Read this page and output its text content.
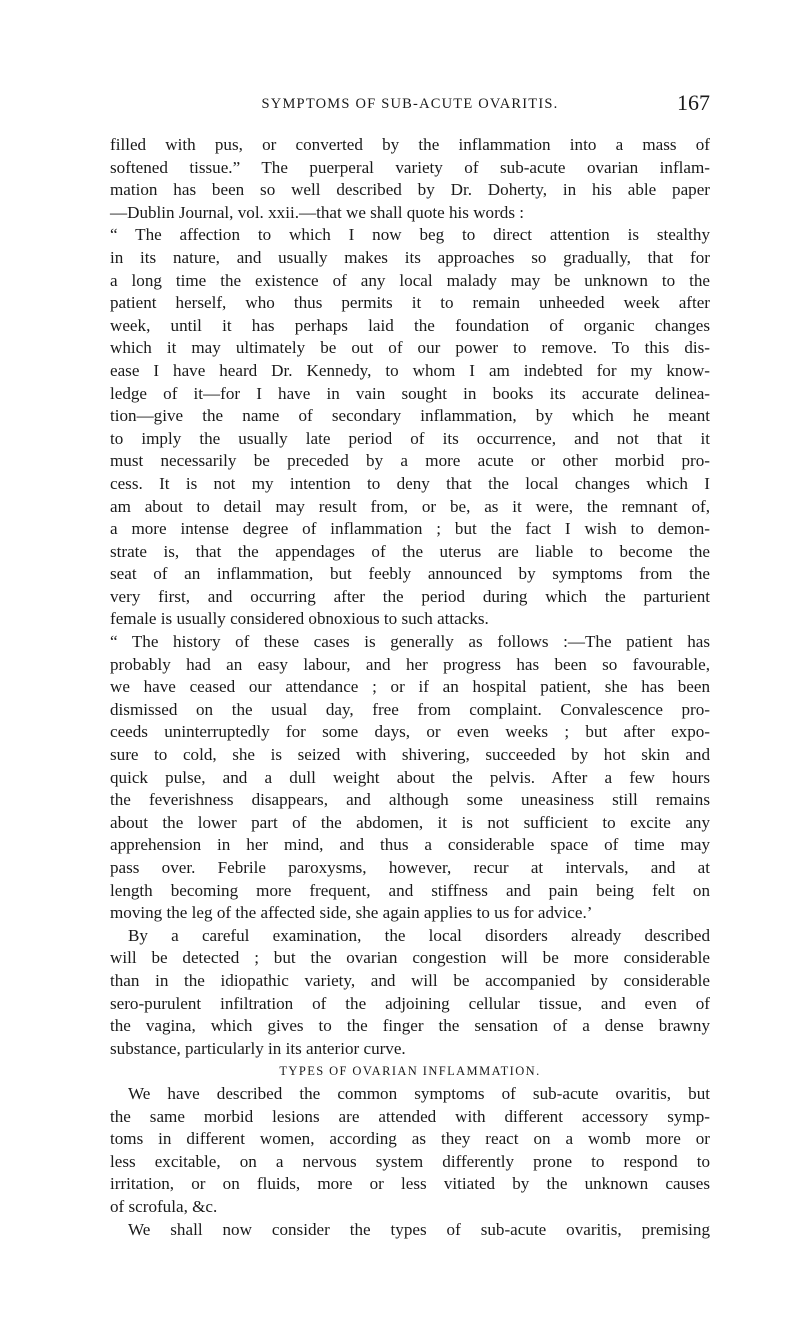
SYMPTOMS OF SUB-ACUTE OVARITIS.	167
filled with pus, or converted by the inflammation into a mass of
softened tissue.” The puerperal variety of sub-acute ovarian inflam-
mation has been so well described by Dr. Doherty, in his able paper
—Dublin Journal, vol. xxii.—that we shall quote his words :
“ The affection to which I now beg to direct attention is stealthy
in its nature, and usually makes its approaches so gradually, that for
a long time the existence of any local malady may be unknown to the
patient herself, who thus permits it to remain unheeded week after
week, until it has perhaps laid the foundation of organic changes
which it may ultimately be out of our power to remove. To this dis-
ease I have heard Dr. Kennedy, to whom I am indebted for my know-
ledge of it—for I have in vain sought in books its accurate delinea-
tion—give the name of secondary inflammation, by which he meant
to imply the usually late period of its occurrence, and not that it
must necessarily be preceded by a more acute or other morbid pro-
cess. It is not my intention to deny that the local changes which I
am about to detail may result from, or be, as it were, the remnant of,
a more intense degree of inflammation ; but the fact I wish to demon-
strate is, that the appendages of the uterus are liable to become the
seat of an inflammation, but feebly announced by symptoms from the
very first, and occurring after the period during which the parturient
female is usually considered obnoxious to such attacks.
“ The history of these cases is generally as follows :—The patient has
probably had an easy labour, and her progress has been so favourable,
we have ceased our attendance ; or if an hospital patient, she has been
dismissed on the usual day, free from complaint. Convalescence pro-
ceeds uninterruptedly for some days, or even weeks ; but after expo-
sure to cold, she is seized with shivering, succeeded by hot skin and
quick pulse, and a dull weight about the pelvis. After a few hours
the feverishness disappears, and although some uneasiness still remains
about the lower part of the abdomen, it is not sufficient to excite any
apprehension in her mind, and thus a considerable space of time may
pass over. Febrile paroxysms, however, recur at intervals, and at
length becoming more frequent, and stiffness and pain being felt on
moving the leg of the affected side, she again applies to us for advice.’
By a careful examination, the local disorders already described
will be detected ; but the ovarian congestion will be more considerable
than in the idiopathic variety, and will be accompanied by considerable
sero-purulent infiltration of the adjoining cellular tissue, and even of
the vagina, which gives to the finger the sensation of a dense brawny
substance, particularly in its anterior curve.
TYPES OF OVARIAN INFLAMMATION.
We have described the common symptoms of sub-acute ovaritis, but
the same morbid lesions are attended with different accessory symp-
toms in different women, according as they react on a womb more or
less excitable, on a nervous system differently prone to respond to
irritation, or on fluids, more or less vitiated by the unknown causes
of scrofula, &c.
We shall now consider the types of sub-acute ovaritis, premising
